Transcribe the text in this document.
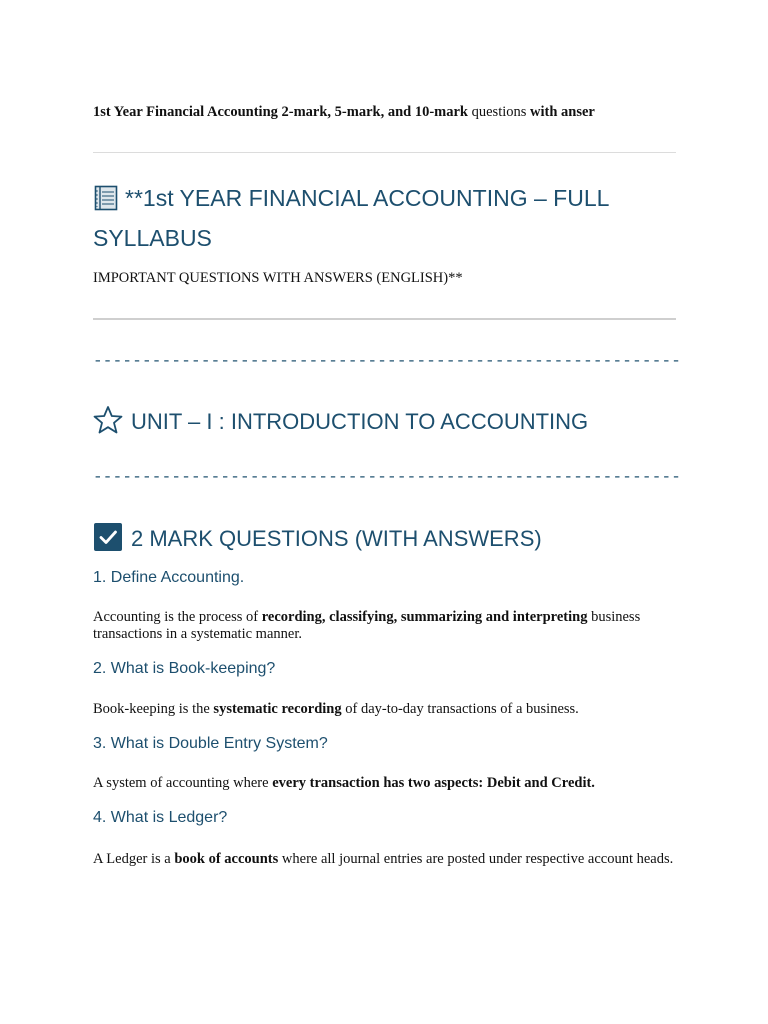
1st Year Financial Accounting 2-mark, 5-mark, and 10-mark questions with anser
**1st YEAR FINANCIAL ACCOUNTING – FULL SYLLABUS
IMPORTANT QUESTIONS WITH ANSWERS (ENGLISH)**
------------------------------------------------------------
UNIT – I : INTRODUCTION TO ACCOUNTING
------------------------------------------------------------
2 MARK QUESTIONS (WITH ANSWERS)
1. Define Accounting.
Accounting is the process of recording, classifying, summarizing and interpreting business transactions in a systematic manner.
2. What is Book-keeping?
Book-keeping is the systematic recording of day-to-day transactions of a business.
3. What is Double Entry System?
A system of accounting where every transaction has two aspects: Debit and Credit.
4. What is Ledger?
A Ledger is a book of accounts where all journal entries are posted under respective account heads.
